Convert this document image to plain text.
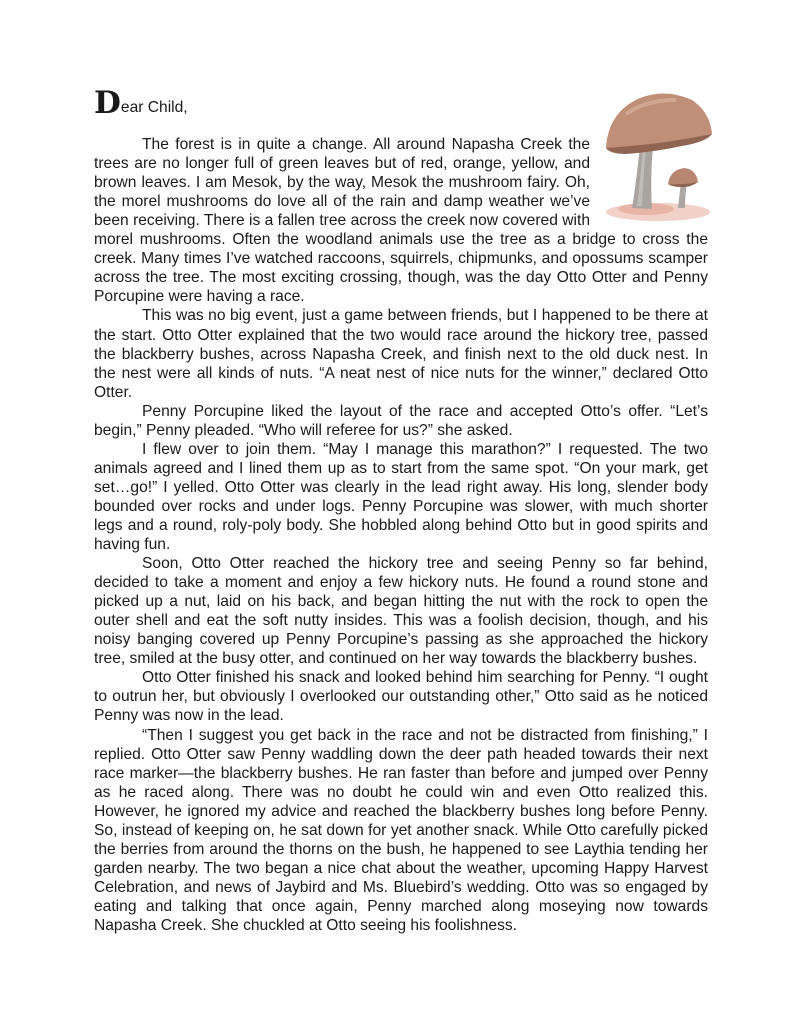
Dear Child,

The forest is in quite a change. All around Napasha Creek the trees are no longer full of green leaves but of red, orange, yellow, and brown leaves. I am Mesok, by the way, Mesok the mushroom fairy. Oh, the morel mushrooms do love all of the rain and damp weather we’ve been receiving. There is a fallen tree across the creek now covered with morel mushrooms. Often the woodland animals use the tree as a bridge to cross the creek. Many times I’ve watched raccoons, squirrels, chipmunks, and opossums scamper across the tree. The most exciting crossing, though, was the day Otto Otter and Penny Porcupine were having a race.

This was no big event, just a game between friends, but I happened to be there at the start. Otto Otter explained that the two would race around the hickory tree, passed the blackberry bushes, across Napasha Creek, and finish next to the old duck nest. In the nest were all kinds of nuts. “A neat nest of nice nuts for the winner,” declared Otto Otter.

Penny Porcupine liked the layout of the race and accepted Otto’s offer. “Let’s begin,” Penny pleaded. “Who will referee for us?” she asked.

I flew over to join them. “May I manage this marathon?” I requested. The two animals agreed and I lined them up as to start from the same spot. “On your mark, get set…go!” I yelled. Otto Otter was clearly in the lead right away. His long, slender body bounded over rocks and under logs. Penny Porcupine was slower, with much shorter legs and a round, roly-poly body. She hobbled along behind Otto but in good spirits and having fun.

Soon, Otto Otter reached the hickory tree and seeing Penny so far behind, decided to take a moment and enjoy a few hickory nuts. He found a round stone and picked up a nut, laid on his back, and began hitting the nut with the rock to open the outer shell and eat the soft nutty insides. This was a foolish decision, though, and his noisy banging covered up Penny Porcupine’s passing as she approached the hickory tree, smiled at the busy otter, and continued on her way towards the blackberry bushes.

Otto Otter finished his snack and looked behind him searching for Penny. “I ought to outrun her, but obviously I overlooked our outstanding other,” Otto said as he noticed Penny was now in the lead.

“Then I suggest you get back in the race and not be distracted from finishing,” I replied. Otto Otter saw Penny waddling down the deer path headed towards their next race marker—the blackberry bushes. He ran faster than before and jumped over Penny as he raced along. There was no doubt he could win and even Otto realized this. However, he ignored my advice and reached the blackberry bushes long before Penny. So, instead of keeping on, he sat down for yet another snack. While Otto carefully picked the berries from around the thorns on the bush, he happened to see Laythia tending her garden nearby. The two began a nice chat about the weather, upcoming Happy Harvest Celebration, and news of Jaybird and Ms. Bluebird’s wedding. Otto was so engaged by eating and talking that once again, Penny marched along moseying now towards Napasha Creek. She chuckled at Otto seeing his foolishness.
